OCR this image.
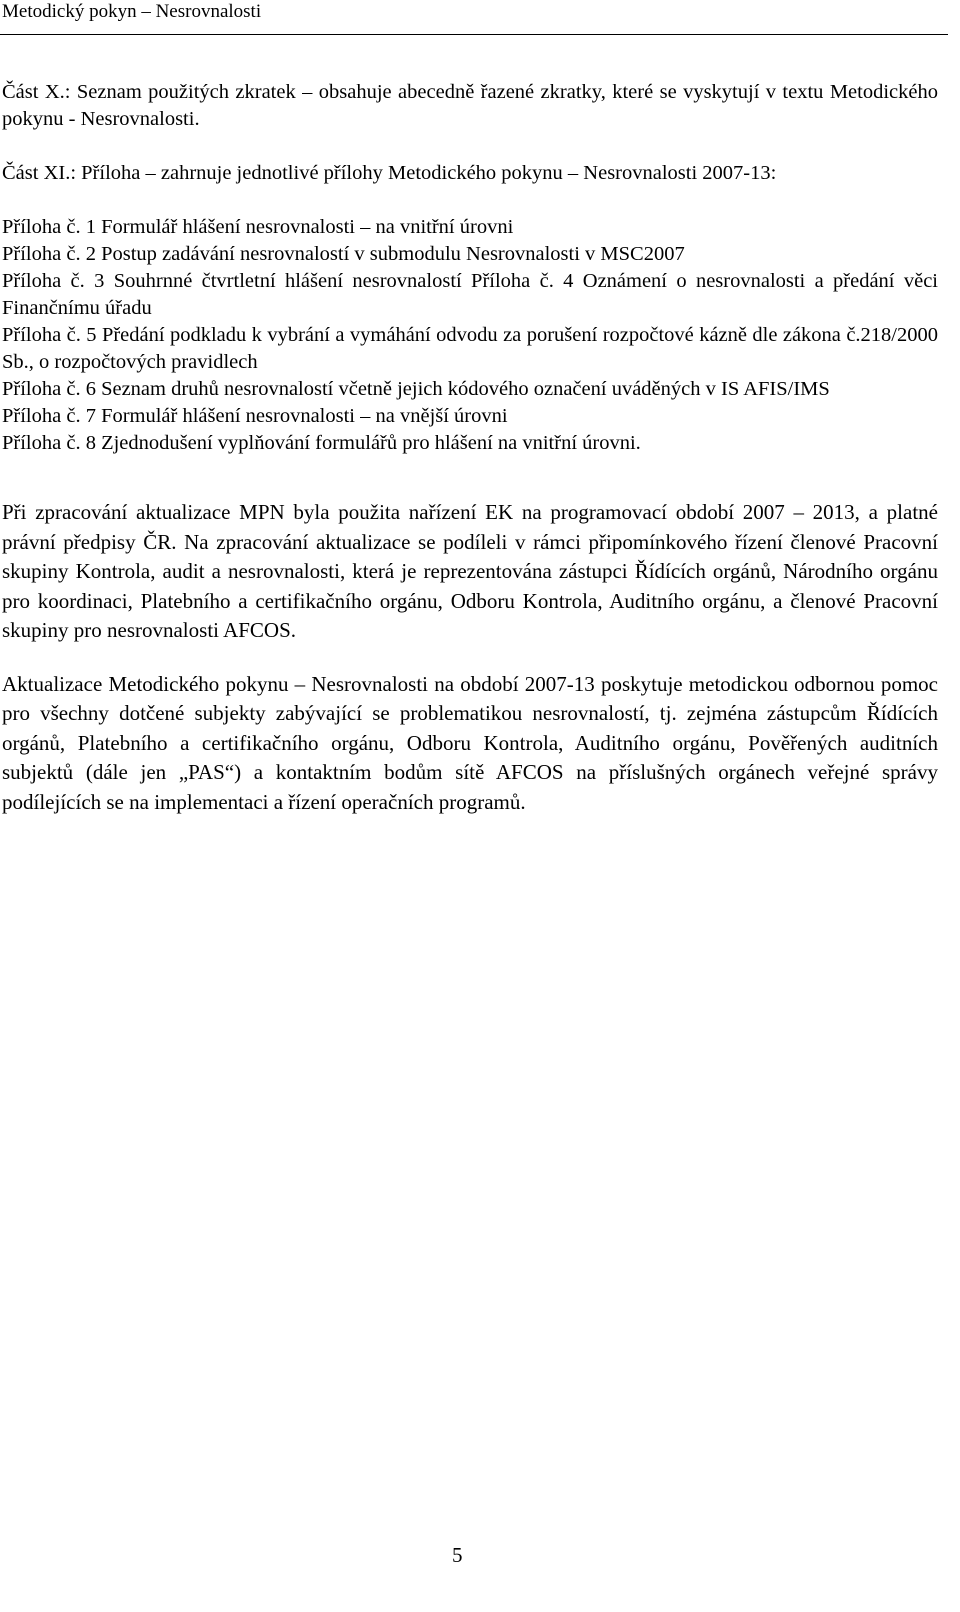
Metodický pokyn – Nesrovnalosti

Část X.: Seznam použitých zkratek – obsahuje abecedně řazené zkratky, které se vyskytují v textu Metodického pokynu - Nesrovnalosti.

Část XI.: Příloha – zahrnuje jednotlivé přílohy Metodického pokynu – Nesrovnalosti 2007-13:

Příloha č. 1 Formulář hlášení nesrovnalosti – na vnitřní úrovni
Příloha č. 2 Postup zadávání nesrovnalostí v submodulu Nesrovnalosti v MSC2007
Příloha č. 3 Souhrnné čtvrtletní hlášení nesrovnalostí Příloha č. 4 Oznámení o nesrovnalosti a předání věci Finančnímu úřadu
Příloha č. 5 Předání podkladu k vybrání a vymáhání odvodu za porušení rozpočtové kázně dle zákona č.218/2000 Sb., o rozpočtových pravidlech
Příloha č. 6 Seznam druhů nesrovnalostí včetně jejich kódového označení uváděných v IS AFIS/IMS
Příloha č. 7 Formulář hlášení nesrovnalosti – na vnější úrovni
Příloha č. 8 Zjednodušení vyplňování formulářů pro hlášení na vnitřní úrovni.

Při zpracování aktualizace MPN byla použita nařízení EK na programovací období 2007 – 2013, a platné právní předpisy ČR. Na zpracování aktualizace se podíleli v rámci připomínkového řízení členové Pracovní skupiny Kontrola, audit a nesrovnalosti, která je reprezentována zástupci Řídících orgánů, Národního orgánu pro koordinaci, Platebního a certifikačního orgánu, Odboru Kontrola, Auditního orgánu, a členové Pracovní skupiny pro nesrovnalosti AFCOS.

Aktualizace Metodického pokynu – Nesrovnalosti na období 2007-13 poskytuje metodickou odbornou pomoc pro všechny dotčené subjekty zabývající se problematikou nesrovnalostí, tj. zejména zástupcům Řídících orgánů, Platebního a certifikačního orgánu, Odboru Kontrola, Auditního orgánu, Pověřených auditních subjektů (dále jen „PAS“) a kontaktním bodům sítě AFCOS na příslušných orgánech veřejné správy podílejících se na implementaci a řízení operačních programů.

5
